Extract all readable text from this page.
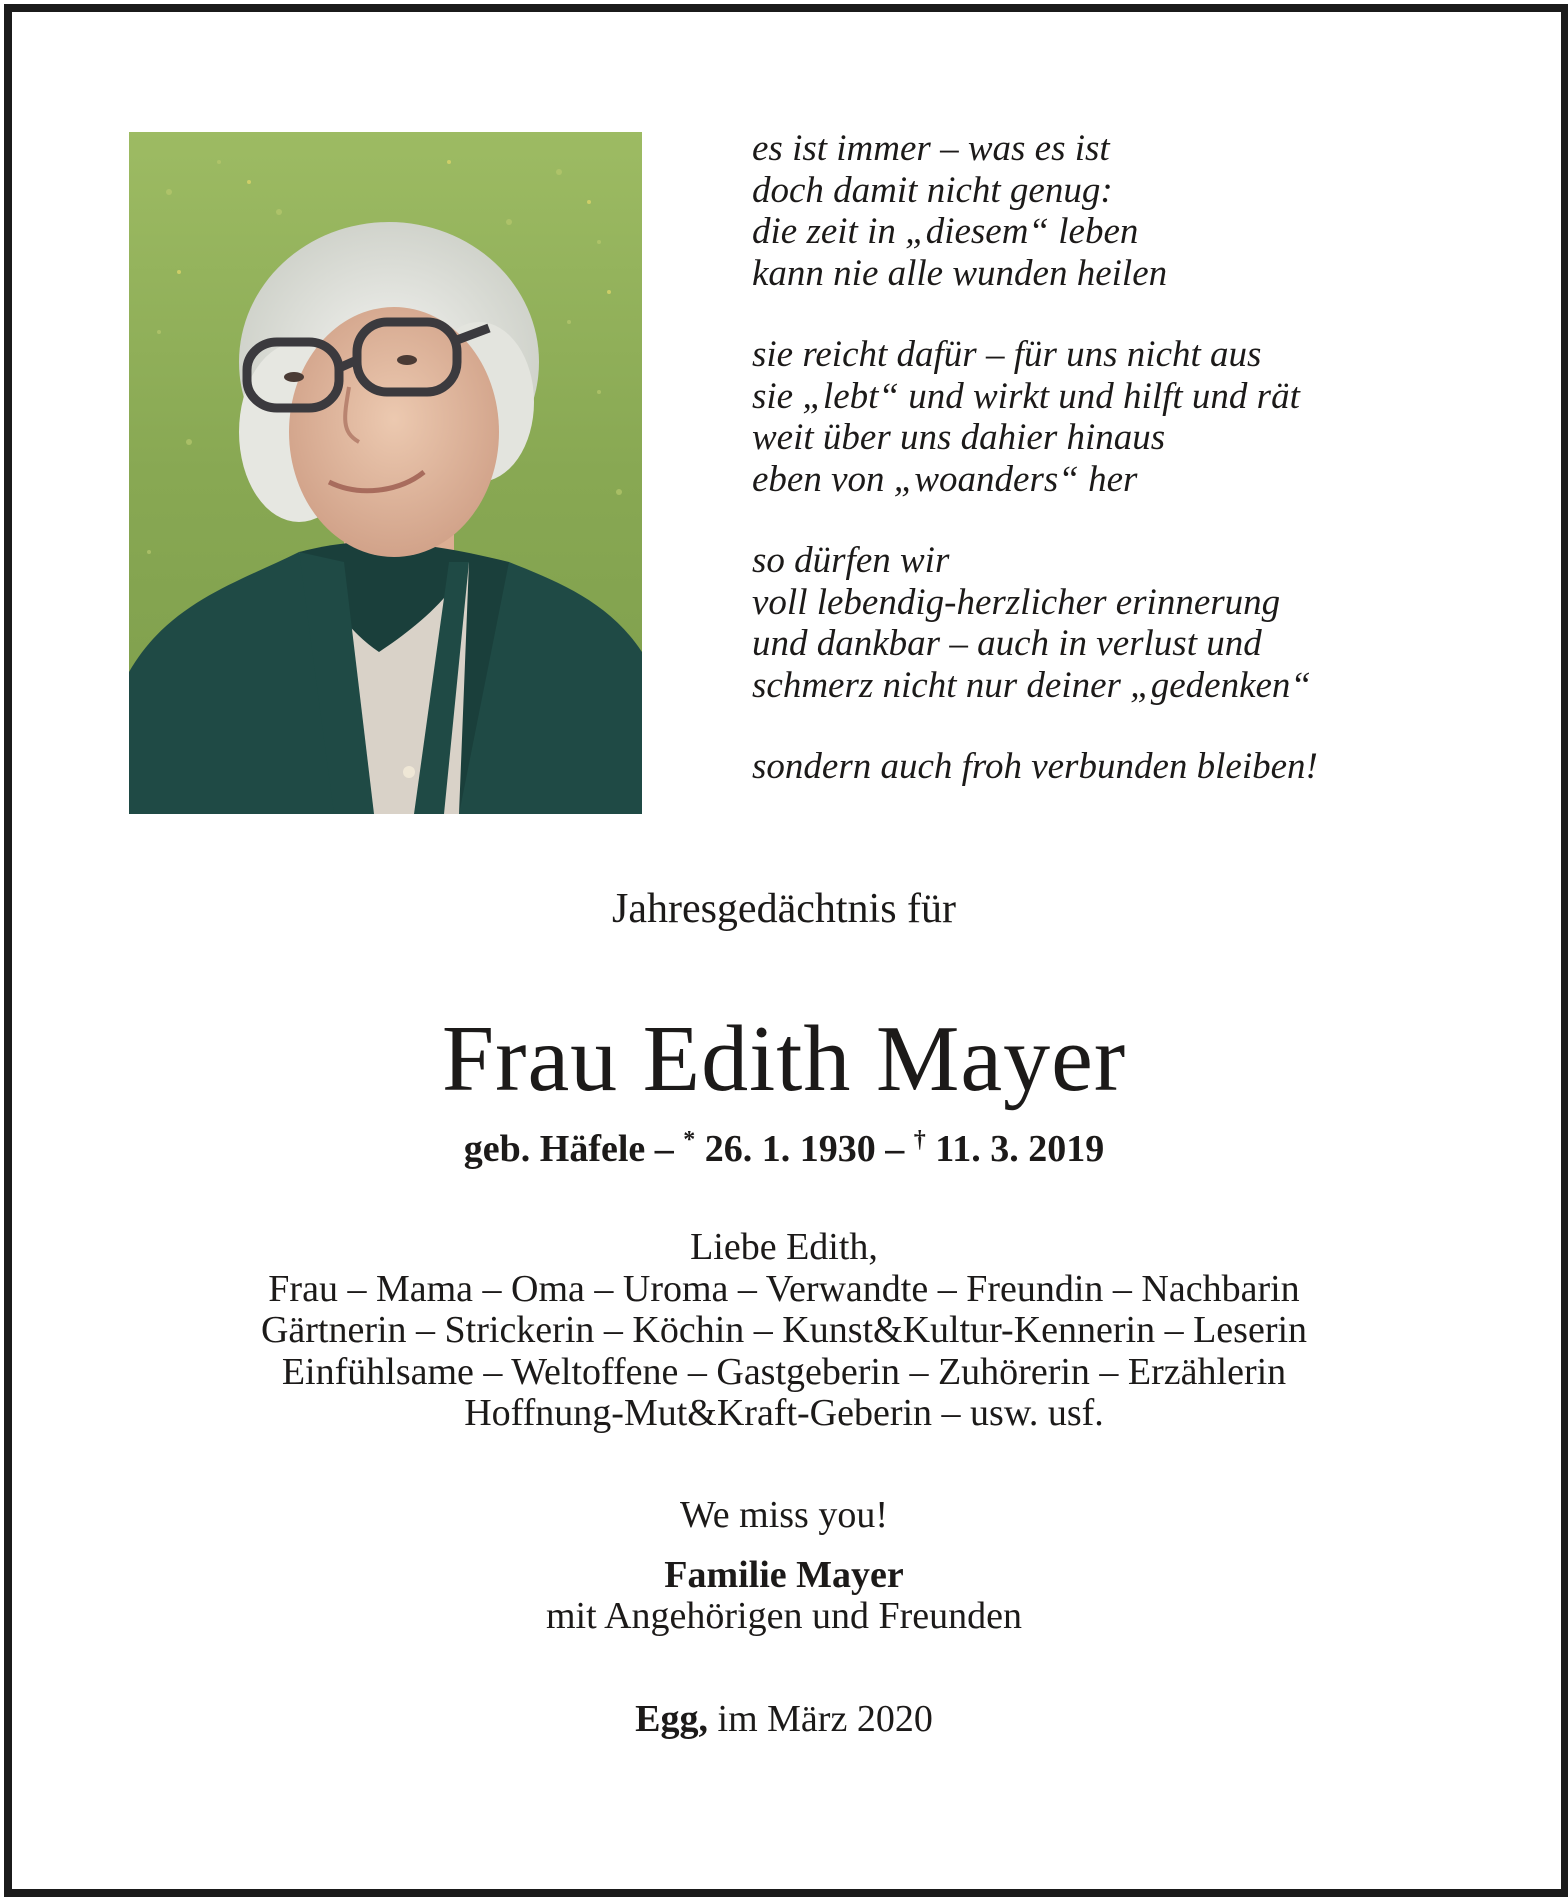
es ist immer – was es ist
doch damit nicht genug:
die zeit in „diesem“ leben
kann nie alle wunden heilen
sie reicht dafür – für uns nicht aus
sie „lebt“ und wirkt und hilft und rät
weit über uns dahier hinaus
eben von „woanders“ her
so dürfen wir
voll lebendig-herzlicher erinnerung
und dankbar – auch in verlust und
schmerz nicht nur deiner „gedenken“
sondern auch froh verbunden bleiben!
Jahresgedächtnis für
Frau Edith Mayer
geb. Häfele – * 26. 1. 1930 – † 11. 3. 2019
Liebe Edith,
Frau – Mama – Oma – Uroma – Verwandte – Freundin – Nachbarin
Gärtnerin – Strickerin – Köchin – Kunst&Kultur-Kennerin – Leserin
Einfühlsame – Weltoffene – Gastgeberin – Zuhörerin – Erzählerin
Hoffnung-Mut&Kraft-Geberin – usw. usf.
We miss you!
Familie Mayer
mit Angehörigen und Freunden
Egg, im März 2020
